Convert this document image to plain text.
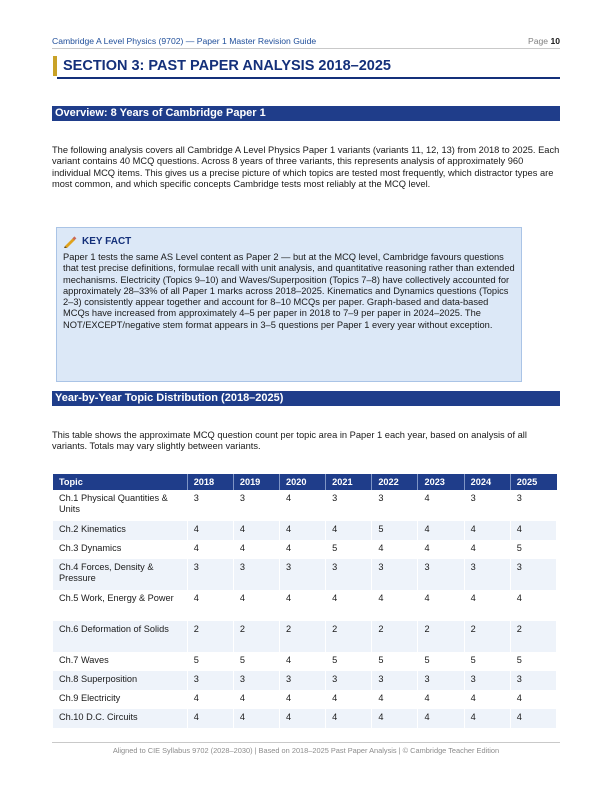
Cambridge A Level Physics (9702) — Paper 1 Master Revision Guide	Page 10
SECTION 3: PAST PAPER ANALYSIS 2018–2025
Overview: 8 Years of Cambridge Paper 1
The following analysis covers all Cambridge A Level Physics Paper 1 variants (variants 11, 12, 13) from 2018 to 2025. Each variant contains 40 MCQ questions. Across 8 years of three variants, this represents analysis of approximately 960 individual MCQ items. This gives us a precise picture of which topics are tested most frequently, which distractor types are most common, and which specific concepts Cambridge tests most reliably at the MCQ level.
KEY FACT
Paper 1 tests the same AS Level content as Paper 2 — but at the MCQ level, Cambridge favours questions that test precise definitions, formulae recall with unit analysis, and quantitative reasoning rather than extended mechanisms. Electricity (Topics 9–10) and Waves/Superposition (Topics 7–8) have collectively accounted for approximately 28–33% of all Paper 1 marks across 2018–2025. Kinematics and Dynamics questions (Topics 2–3) consistently appear together and account for 8–10 MCQs per paper. Graph-based and data-based MCQs have increased from approximately 4–5 per paper in 2018 to 7–9 per paper in 2024–2025. The NOT/EXCEPT/negative stem format appears in 3–5 questions per Paper 1 every year without exception.
Year-by-Year Topic Distribution (2018–2025)
This table shows the approximate MCQ question count per topic area in Paper 1 each year, based on analysis of all variants. Totals may vary slightly between variants.
Topic	2018	2019	2020	2021	2022	2023	2024	2025
Ch.1 Physical Quantities & Units	3	3	4	3	3	4	3	3
Ch.2 Kinematics	4	4	4	4	5	4	4	4
Ch.3 Dynamics	4	4	4	5	4	4	4	5
Ch.4 Forces, Density & Pressure	3	3	3	3	3	3	3	3
Ch.5 Work, Energy & Power	4	4	4	4	4	4	4	4
Ch.6 Deformation of Solids	2	2	2	2	2	2	2	2
Ch.7 Waves	5	5	4	5	5	5	5	5
Ch.8 Superposition	3	3	3	3	3	3	3	3
Ch.9 Electricity	4	4	4	4	4	4	4	4
Ch.10 D.C. Circuits	4	4	4	4	4	4	4	4
Aligned to CIE Syllabus 9702 (2028–2030) | Based on 2018–2025 Past Paper Analysis | © Cambridge Teacher Edition
